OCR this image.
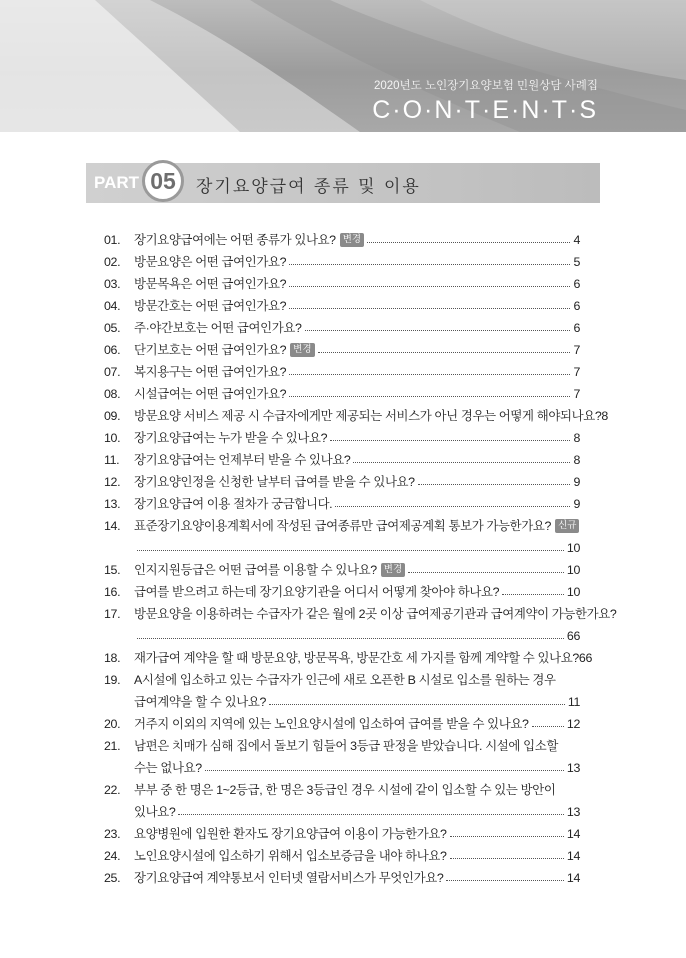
2020년도 노인장기요양보험 민원상담 사례집
C·O·N·T·E·N·T·S
PART 05 장기요양급여 종류 및 이용
01.	장기요양급여에는 어떤 종류가 있나요? 변경	4
02.	방문요양은 어떤 급여인가요?	5
03.	방문목욕은 어떤 급여인가요?	6
04.	방문간호는 어떤 급여인가요?	6
05.	주·야간보호는 어떤 급여인가요?	6
06.	단기보호는 어떤 급여인가요? 변경	7
07.	복지용구는 어떤 급여인가요?	7
08.	시설급여는 어떤 급여인가요?	7
09.	방문요양 서비스 제공 시 수급자에게만 제공되는 서비스가 아닌 경우는 어떻게 해야되나요? 8
10.	장기요양급여는 누가 받을 수 있나요?	8
11.	장기요양급여는 언제부터 받을 수 있나요?	8
12.	장기요양인정을 신청한 날부터 급여를 받을 수 있나요?	9
13.	장기요양급여 이용 절차가 궁금합니다.	9
14.	표준장기요양이용계획서에 작성된 급여종류만 급여제공계획 통보가 가능한가요? 신규
10
15.	인지지원등급은 어떤 급여를 이용할 수 있나요? 변경	10
16.	급여를 받으려고 하는데 장기요양기관을 어디서 어떻게 찾아야 하나요?	10
17.	방문요양을 이용하려는 수급자가 같은 월에 2곳 이상 급여제공기관과 급여계약이 가능한가요?
66
18.	재가급여 계약을 할 때 방문요양, 방문목욕, 방문간호 세 가지를 함께 계약할 수 있나요? 66
19.	A시설에 입소하고 있는 수급자가 인근에 새로 오픈한 B 시설로 입소를 원하는 경우
급여계약을 할 수 있나요?	11
20.	거주지 이외의 지역에 있는 노인요양시설에 입소하여 급여를 받을 수 있나요?	12
21.	남편은 치매가 심해 집에서 돌보기 힘들어 3등급 판정을 받았습니다. 시설에 입소할
수는 없나요?	13
22.	부부 중 한 명은 1~2등급, 한 명은 3등급인 경우 시설에 같이 입소할 수 있는 방안이
있나요?	13
23.	요양병원에 입원한 환자도 장기요양급여 이용이 가능한가요?	14
24.	노인요양시설에 입소하기 위해서 입소보증금을 내야 하나요?	14
25.	장기요양급여 계약통보서 인터넷 열람서비스가 무엇인가요?	14
